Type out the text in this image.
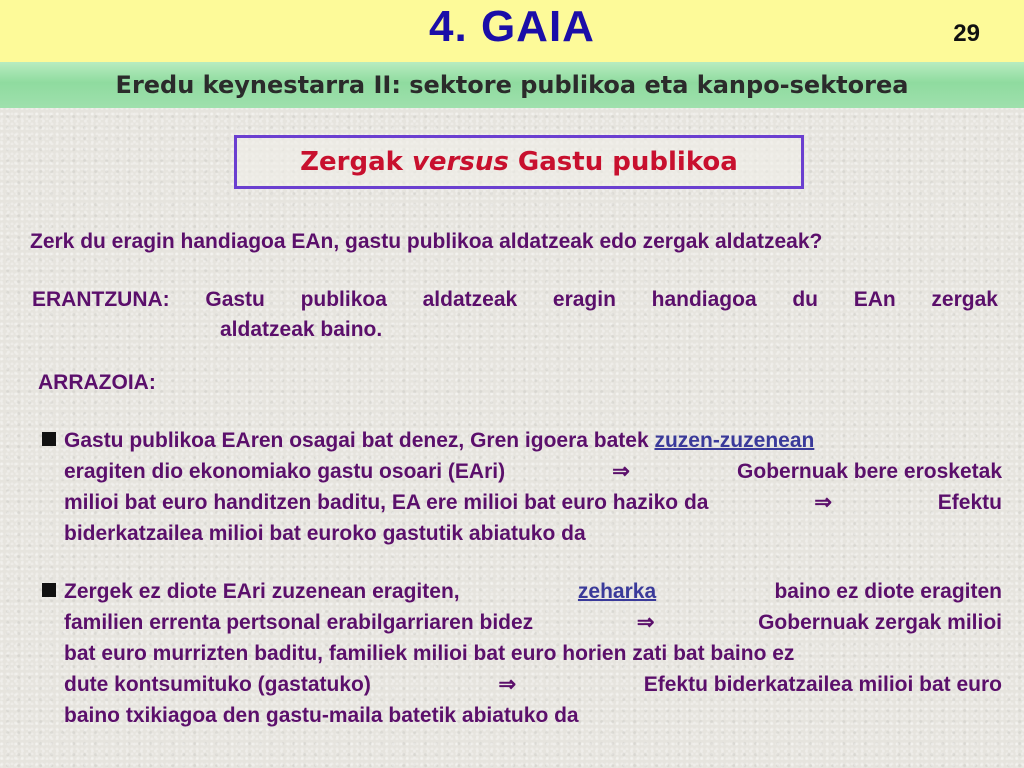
4. GAIA	29
Eredu keynestarra II: sektore publikoa eta kanpo-sektorea
Zergak versus Gastu publikoa
Zerk du eragin handiagoa EAn, gastu publikoa aldatzeak edo zergak aldatzeak?
ERANTZUNA: Gastu publikoa aldatzeak eragin handiagoa du EAn zergak
aldatzeak baino.
ARRAZOIA:
Gastu publikoa EAren osagai bat denez, Gren igoera batek zuzen-zuzenean
eragiten dio ekonomiako gastu osoari (EAri)	⇒	Gobernuak bere erosketak
milioi bat euro handitzen baditu, EA ere milioi bat euro haziko da	⇒	Efektu
biderkatzailea milioi bat euroko gastutik abiatuko da
Zergek ez diote EAri zuzenean eragiten,	zeharka	baino ez diote eragiten
familien errenta pertsonal erabilgarriaren bidez	⇒	Gobernuak zergak milioi
bat euro murrizten baditu, familiek milioi bat euro horien zati bat baino ez
dute kontsumituko (gastatuko)	⇒	Efektu biderkatzailea milioi bat euro
baino txikiagoa den gastu-maila batetik abiatuko da
